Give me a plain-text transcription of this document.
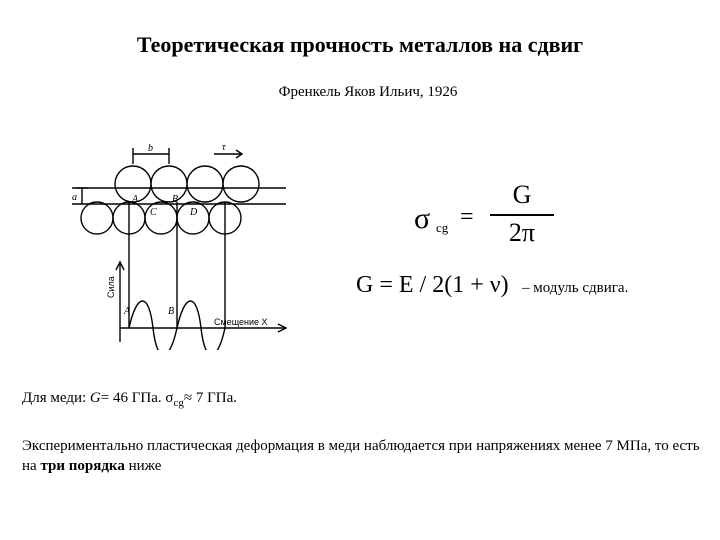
Теоретическая прочность металлов на сдвиг
Френкель Яков Ильич, 1926
b	τ
a	A	B
C	D
A	B
Сила
Смещение X
σ cg =
G
2π
G = E / 2(1 + ν) – модуль сдвига.
Для меди: G= 46 ГПа. $\sigma_{cg}\approx 7$ ГПа.
Экспериментально пластическая деформация в меди наблюдается при напряжениях менее 7 МПа, то есть на три порядка ниже
